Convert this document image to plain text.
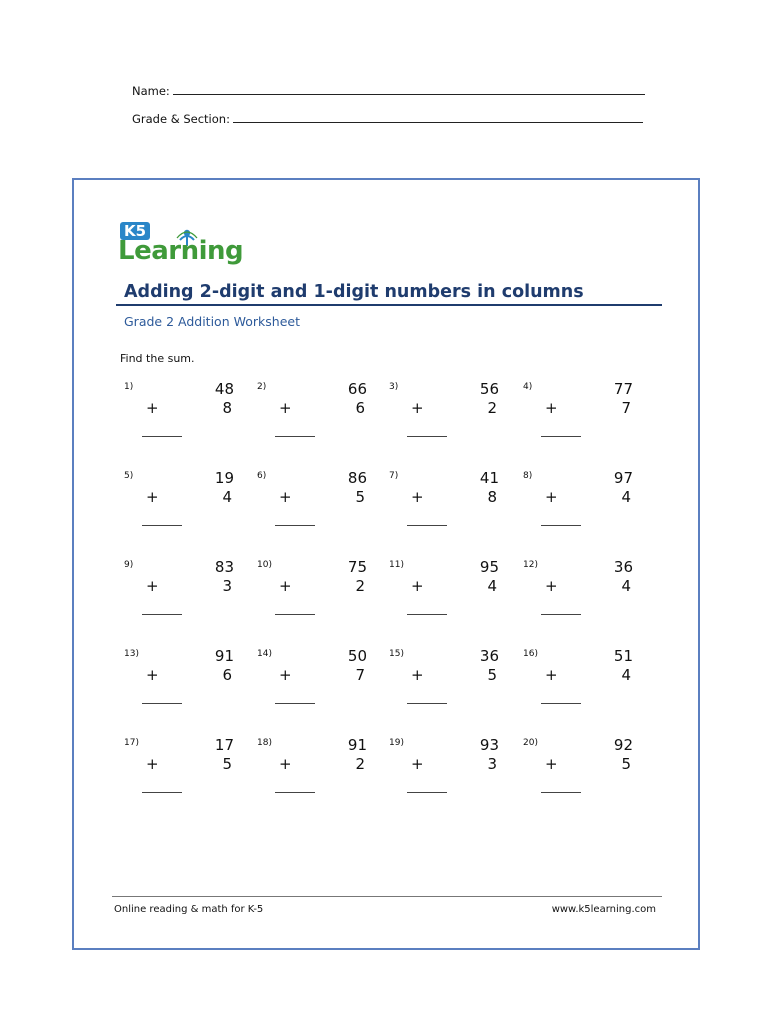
Name:
Grade & Section:
K5
Learning
Adding 2-digit and 1-digit numbers in columns
Grade 2 Addition Worksheet
Find the sum.
1)	48
+	8
2)	66
+	6
3)	56
+	2
4)	77
+	7
5)	19
+	4
6)	86
+	5
7)	41
+	8
8)	97
+	4
9)	83
+	3
10)	75
+	2
11)	95
+	4
12)	36
+	4
13)	91
+	6
14)	50
+	7
15)	36
+	5
16)	51
+	4
17)	17
+	5
18)	91
+	2
19)	93
+	3
20)	92
+	5
Online reading & math for K-5	www.k5learning.com
